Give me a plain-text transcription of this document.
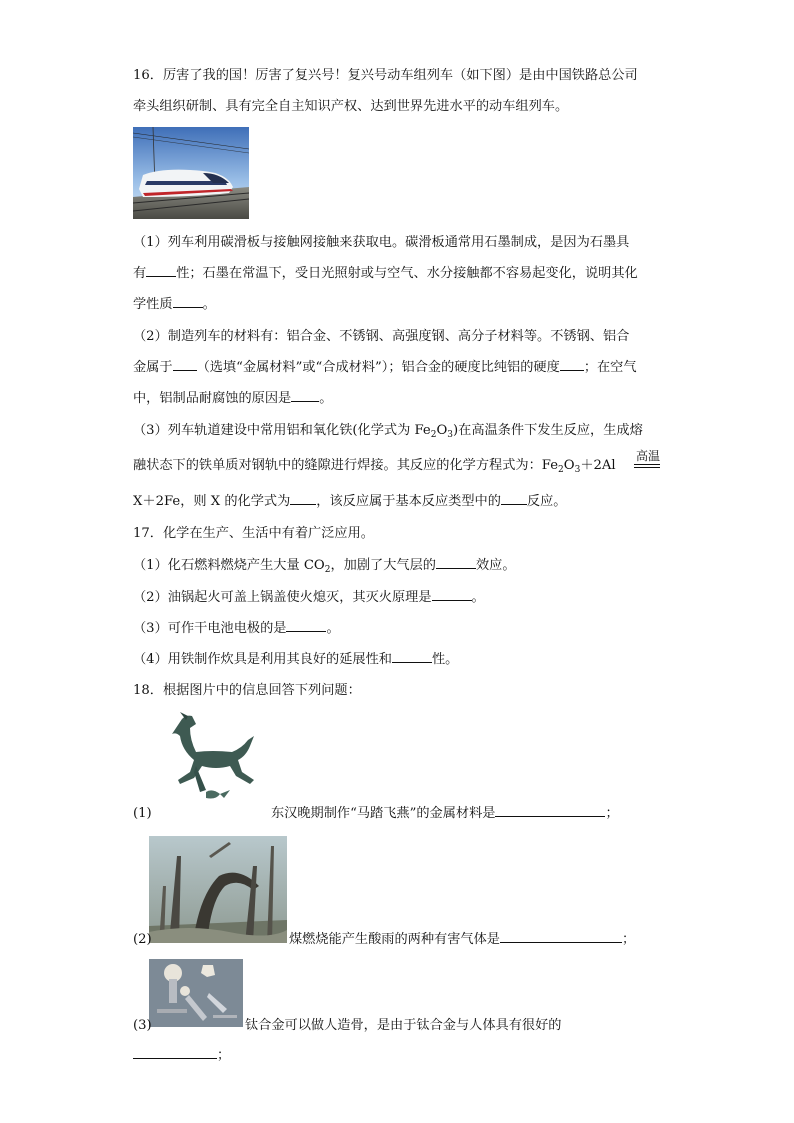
16．厉害了我的国！厉害了复兴号！复兴号动车组列车（如下图）是由中国铁路总公司
牵头组织研制、具有完全自主知识产权、达到世界先进水平的动车组列车。
（1）列车利用碳滑板与接触网接触来获取电。碳滑板通常用石墨制成，是因为石墨具
有 性；石墨在常温下，受日光照射或与空气、水分接触都不容易起变化，说明其化
学性质 。
（2）制造列车的材料有：铝合金、不锈钢、高强度钢、高分子材料等。不锈钢、铝合
金属于 （选填“金属材料”或“合成材料”）；铝合金的硬度比纯铝的硬度 ；在空气
中，铝制品耐腐蚀的原因是 。
（3）列车轨道建设中常用铝和氧化铁(化学式为 $Fe_2O_3$)在高温条件下发生反应，生成熔
融状态下的铁单质对钢轨中的缝隙进行焊接。其反应的化学方程式为：$Fe_2O_3+2Al$
高温
X＋2Fe，则 X 的化学式为 ，该反应属于基本反应类型中的 反应。
17．化学在生产、生活中有着广泛应用。
（1）化石燃料燃烧产生大量 $CO_2$，加剧了大气层的	效应。
（2）油锅起火可盖上锅盖使火熄灭，其灭火原理是	。
（3）可作干电池电极的是	。
（4）用铁制作炊具是利用其良好的延展性和	性。
18．根据图片中的信息回答下列问题：
(1)	东汉晚期制作“马踏飞燕”的金属材料是	；
(2)	煤燃烧能产生酸雨的两种有害气体是	；
(3)	钛合金可以做人造骨，是由于钛合金与人体具有很好的
；
